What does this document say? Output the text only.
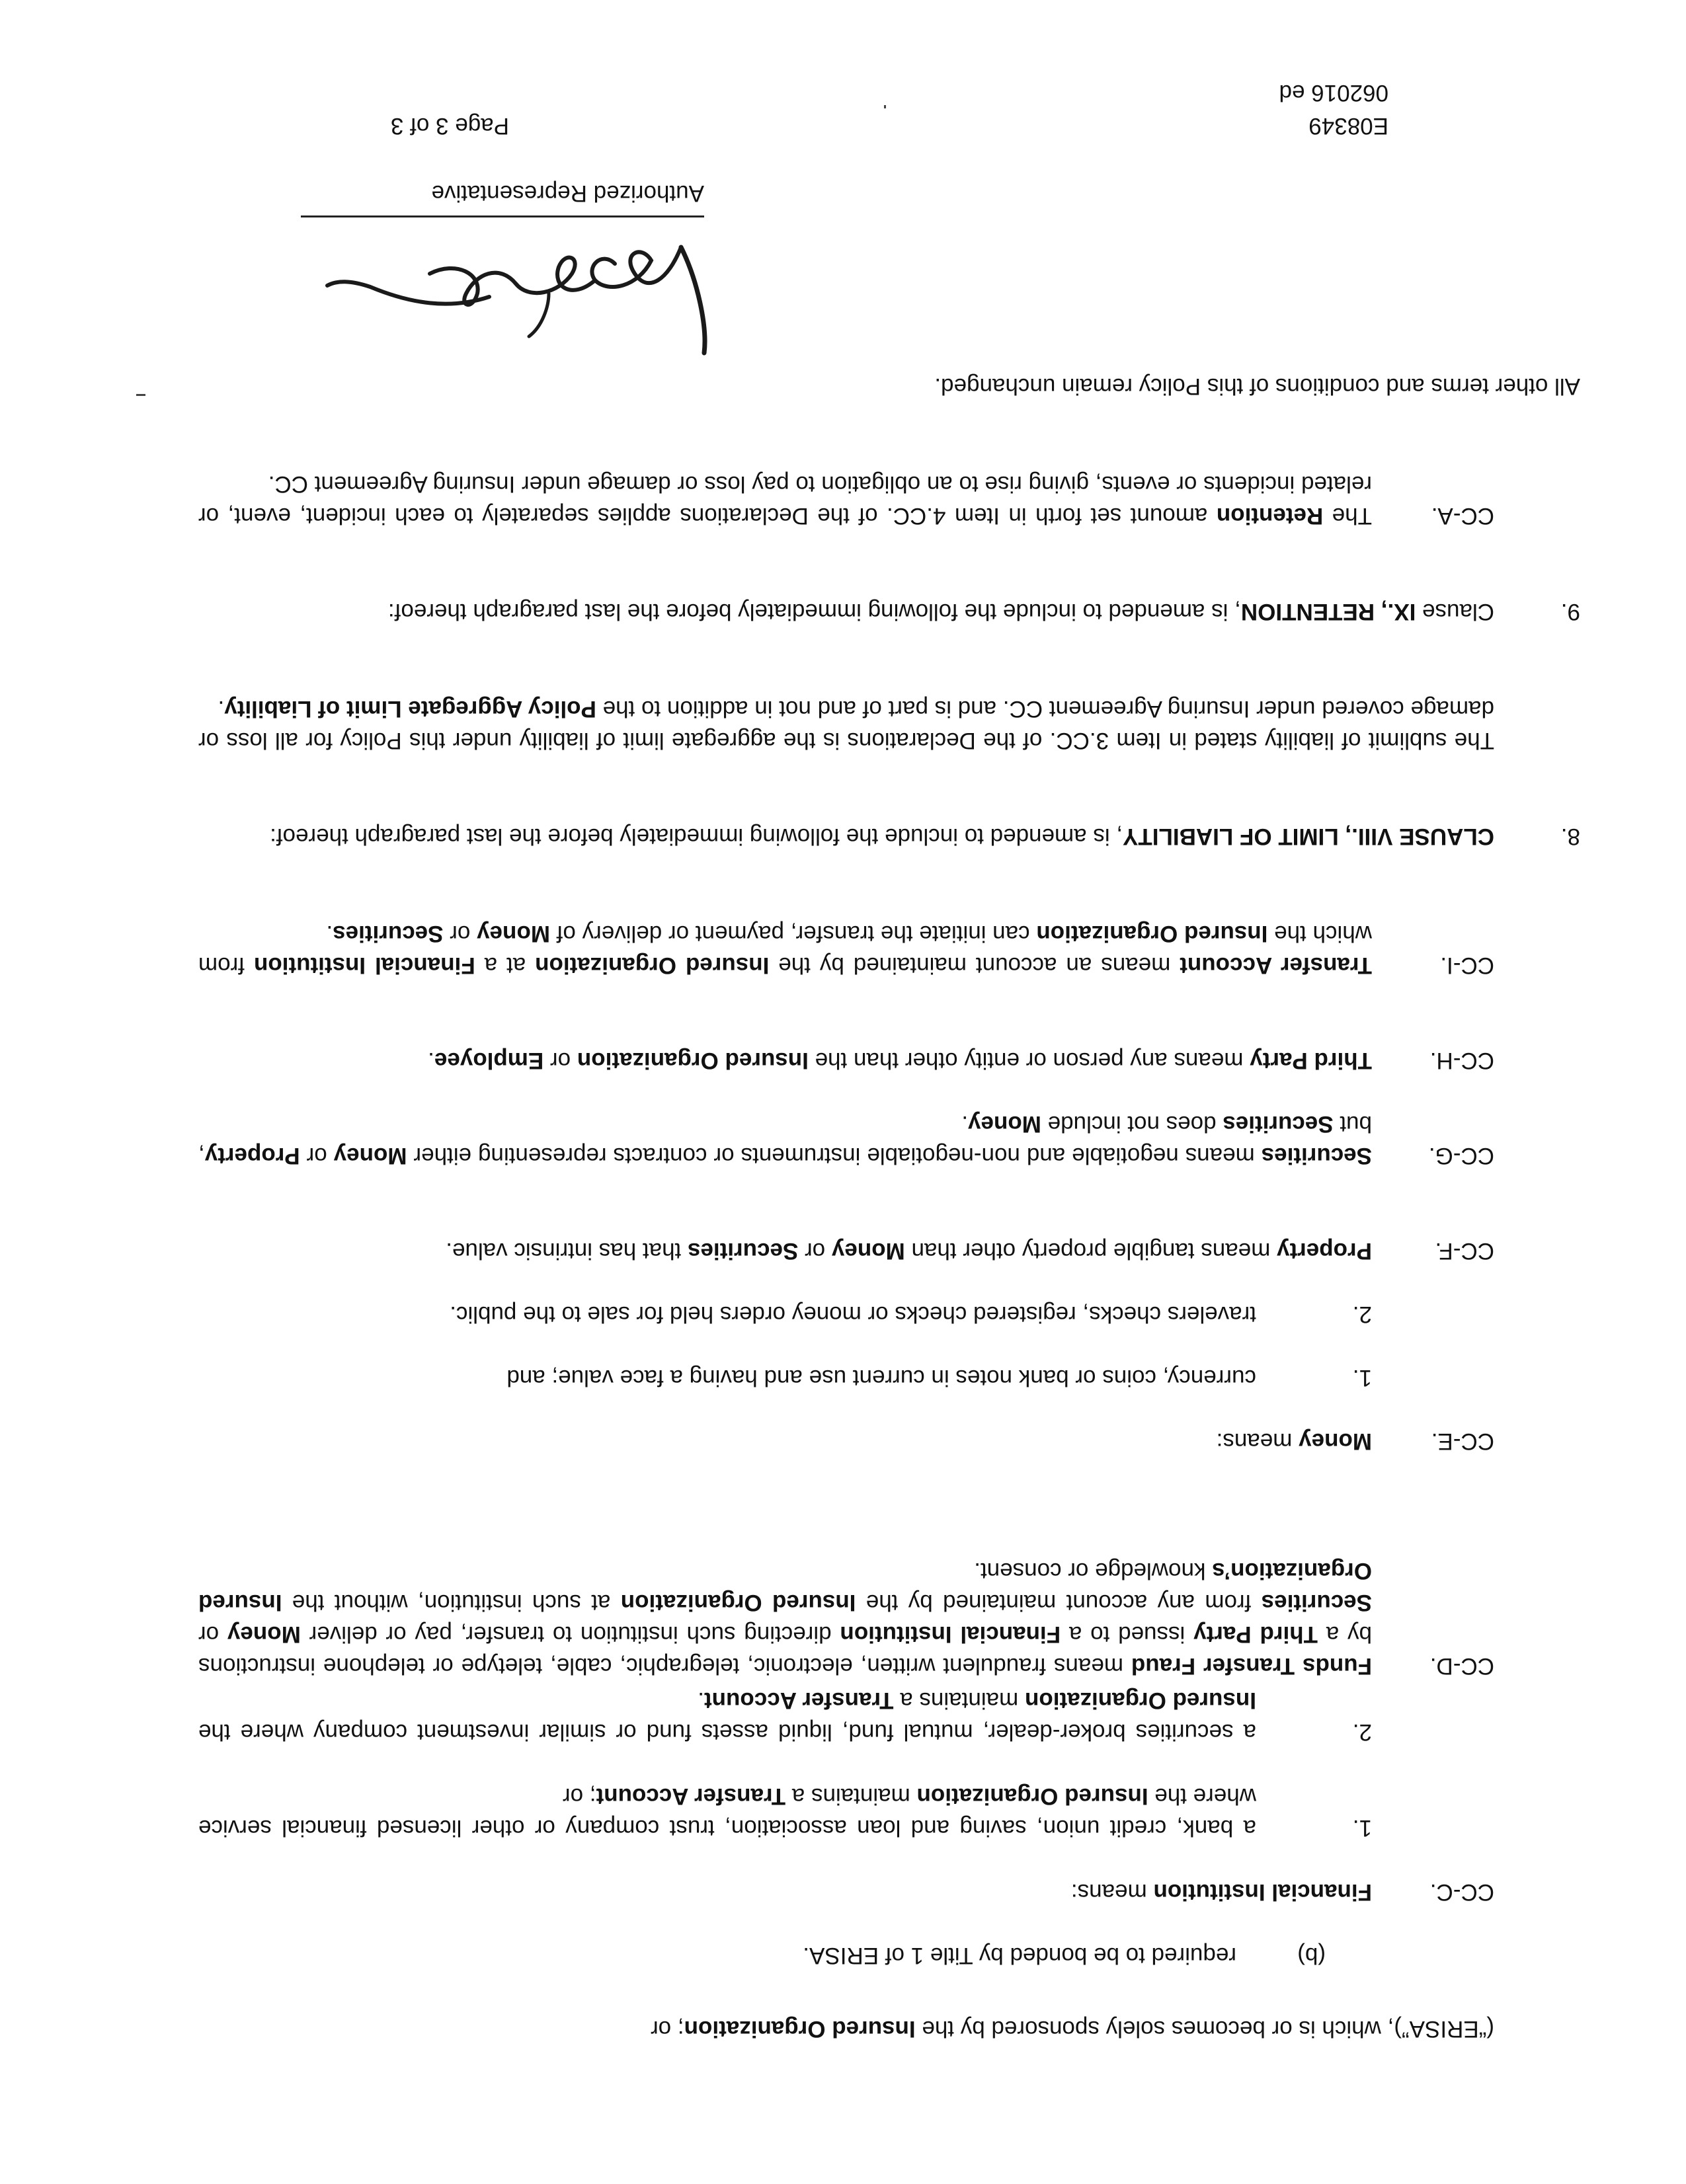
(“ERISA”), which is or becomes solely sponsored by the Insured Organization; or

(b)
required to be bonded by Title 1 of ERISA.
CC-C.
Financial Institution means:
1.
a bank, credit union, saving and loan association, trust company or other licensed financial service where the Insured Organization maintains a Transfer Account; or
2.
a securities broker-dealer, mutual fund, liquid assets fund or similar investment company where the Insured Organization maintains a Transfer Account.
CC-D.
Funds Transfer Fraud means fraudulent written, electronic, telegraphic, cable, teletype or telephone instructions by a Third Party issued to a Financial Institution directing such institution to transfer, pay or deliver Money or Securities from any account maintained by the Insured Organization at such institution, without the Insured Organization’s knowledge or consent.
CC-E.
Money means:
1.
currency, coins or bank notes in current use and having a face value; and
2.
travelers checks, registered checks or money orders held for sale to the public.
CC-F.
Property means tangible property other than Money or Securities that has intrinsic value.
CC-G.
Securities means negotiable and non-negotiable instruments or contracts representing either Money or Property, but Securities does not include Money.
CC-H.
Third Party means any person or entity other than the Insured Organization or Employee.
CC-I.
Transfer Account means an account maintained by the Insured Organization at a Financial Institution from which the Insured Organization can initiate the transfer, payment or delivery of Money or Securities.
8.
CLAUSE VIII., LIMIT OF LIABILITY, is amended to include the following immediately before the last paragraph thereof:
The sublimit of liability stated in Item 3.CC. of the Declarations is the aggregate limit of liability under this Policy for all loss or damage covered under Insuring Agreement CC. and is part of and not in addition to the Policy Aggregate Limit of Liability.
9.
Clause IX., RETENTION, is amended to include the following immediately before the last paragraph thereof:
CC-A.
The Retention amount set forth in Item 4.CC. of the Declarations applies separately to each incident, event, or related incidents or events, giving rise to an obligation to pay loss or damage under Insuring Agreement CC.
All other terms and conditions of this Policy remain unchanged.
Authorized Representative
E08349
062016 ed
Page 3 of 3
